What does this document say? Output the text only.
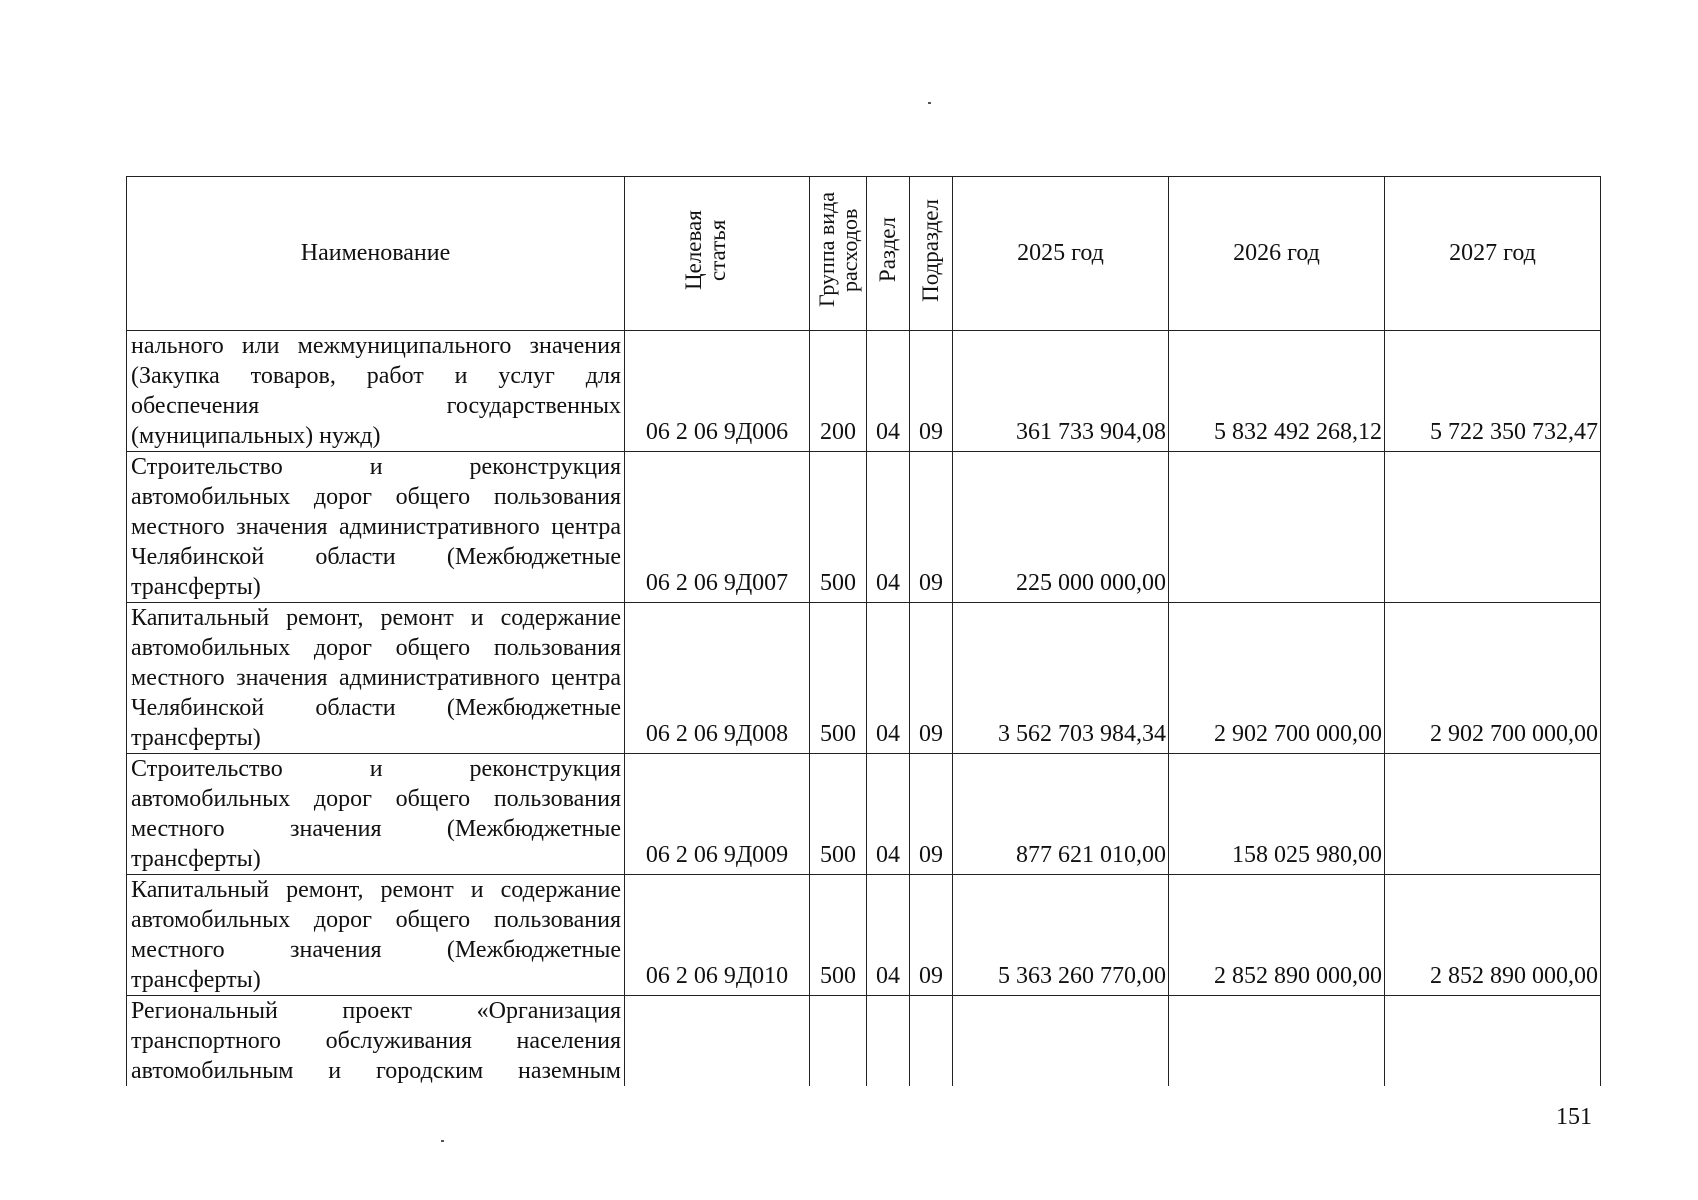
Наименование	Целевая статья	Группа вида расходов	Раздел	Подраздел	2025 год	2026 год	2027 год
нального или межмуниципального значения (Закупка товаров, работ и услуг для обеспечения государственных (муниципальных) нужд)	06 2 06 9Д006	200	04	09	361 733 904,08	5 832 492 268,12	5 722 350 732,47
Строительство и реконструкция автомобильных дорог общего пользования местного значения административного центра Челябинской области (Межбюджетные трансферты)	06 2 06 9Д007	500	04	09	225 000 000,00		
Капитальный ремонт, ремонт и содержание автомобильных дорог общего пользования местного значения административного центра Челябинской области (Межбюджетные трансферты)	06 2 06 9Д008	500	04	09	3 562 703 984,34	2 902 700 000,00	2 902 700 000,00
Строительство и реконструкция автомобильных дорог общего пользования местного значения (Межбюджетные трансферты)	06 2 06 9Д009	500	04	09	877 621 010,00	158 025 980,00	
Капитальный ремонт, ремонт и содержание автомобильных дорог общего пользования местного значения (Межбюджетные трансферты)	06 2 06 9Д010	500	04	09	5 363 260 770,00	2 852 890 000,00	2 852 890 000,00

Региональный проект «Организация
транспортного обслуживания населения
автомобильным и городским наземным							

151
